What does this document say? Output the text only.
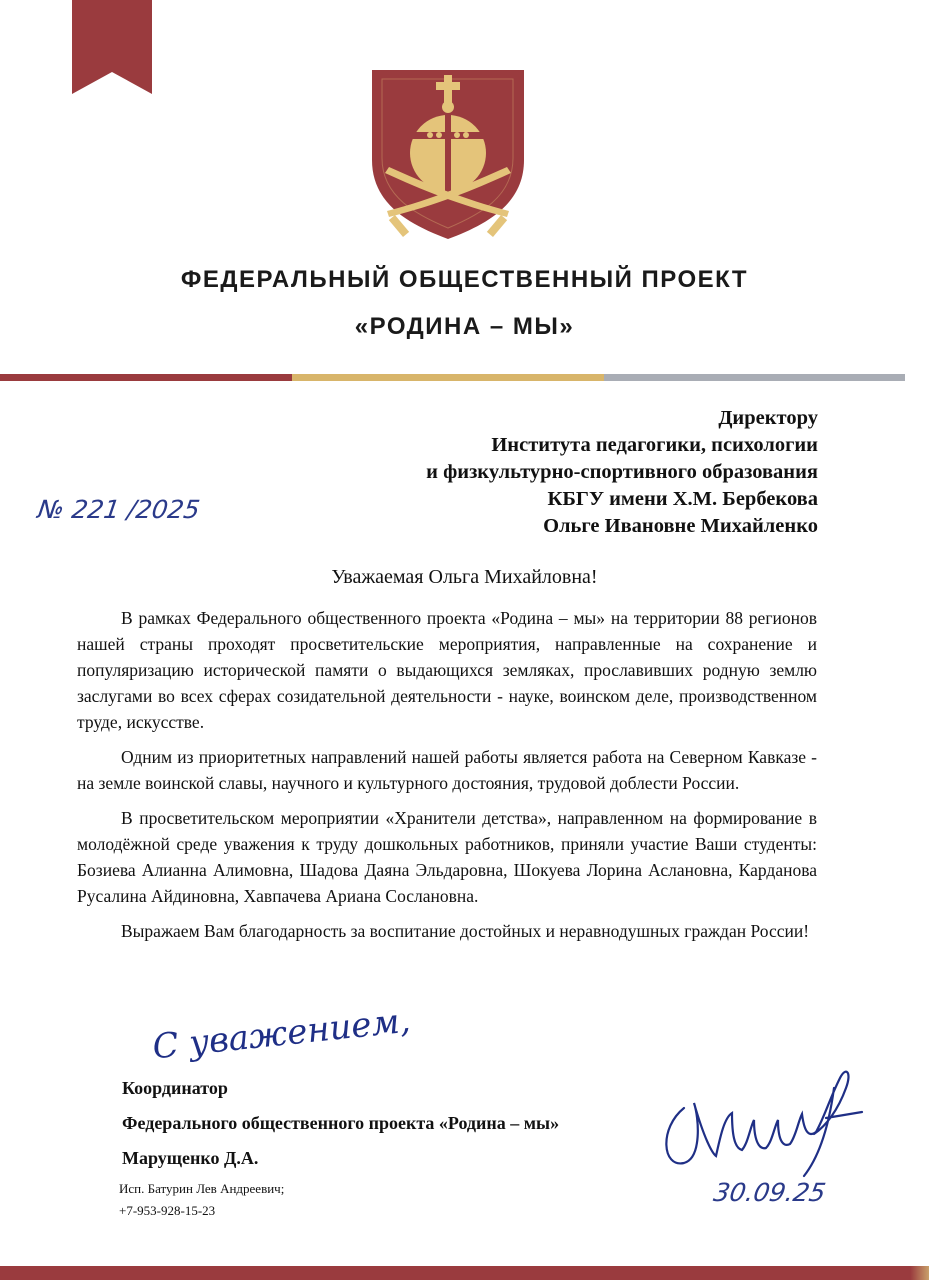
ФЕДЕРАЛЬНЫЙ ОБЩЕСТВЕННЫЙ ПРОЕКТ
«РОДИНА – МЫ»
Директору
Института педагогики, психологии
и физкультурно-спортивного образования
КБГУ имени Х.М. Бербекова
Ольге Ивановне Михайленко
№ 221 /2025
Уважаемая Ольга Михайловна!

В рамках Федерального общественного проекта «Родина – мы» на территории 88 регионов нашей страны проходят просветительские мероприятия, направленные на сохранение и популяризацию исторической памяти о выдающихся земляках, прославивших родную землю заслугами во всех сферах созидательной деятельности - науке, воинском деле, производственном труде, искусстве.

Одним из приоритетных направлений нашей работы является работа на Северном Кавказе - на земле воинской славы, научного и культурного достояния, трудовой доблести России.

В просветительском мероприятии «Хранители детства», направленном на формирование в молодёжной среде уважения к труду дошкольных работников, приняли участие Ваши студенты: Бозиева Алианна Алимовна, Шадова Даяна Эльдаровна, Шокуева Лорина Аслановна, Карданова Русалина Айдиновна, Хавпачева Ариана Сослановна.

Выражаем Вам благодарность за воспитание достойных и неравнодушных граждан России!

С уважением,
Координатор
Федерального общественного проекта «Родина – мы»
Марущенко Д.А.
Исп. Батурин Лев Андреевич;
+7-953-928-15-23
30.09.25
